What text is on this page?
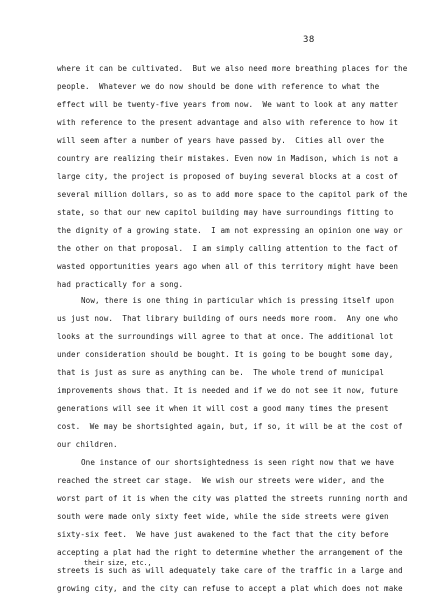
38
where it can be cultivated.  But we also need more breathing places for the
people.  Whatever we do now should be done with reference to what the
effect will be twenty-five years from now.  We want to look at any matter
with reference to the present advantage and also with reference to how it
will seem after a number of years have passed by.  Cities all over the
country are realizing their mistakes. Even now in Madison, which is not a
large city, the project is proposed of buying several blocks at a cost of
several million dollars, so as to add more space to the capitol park of the
state, so that our new capitol building may have surroundings fitting to
the dignity of a growing state.  I am not expressing an opinion one way or
the other on that proposal.  I am simply calling attention to the fact of
wasted opportunities years ago when all of this territory might have been
had practically for a song.
Now, there is one thing in particular which is pressing itself upon
us just now.  That library building of ours needs more room.  Any one who
looks at the surroundings will agree to that at once. The additional lot
under consideration should be bought. It is going to be bought some day,
that is just as sure as anything can be.  The whole trend of municipal
improvements shows that. It is needed and if we do not see it now, future
generations will see it when it will cost a good many times the present
cost.  We may be shortsighted again, but, if so, it will be at the cost of
our children.
One instance of our shortsightedness is seen right now that we have
reached the street car stage.  We wish our streets were wider, and the
worst part of it is when the city was platted the streets running north and
south were made only sixty feet wide, while the side streets were given
sixty-six feet.  We have just awakened to the fact that the city before
accepting a plat had the right to determine whether the arrangement of the
streets is such as will adequately take care of the traffic in a large and
growing city, and the city can refuse to accept a plat which does not make
their size, etc.,
